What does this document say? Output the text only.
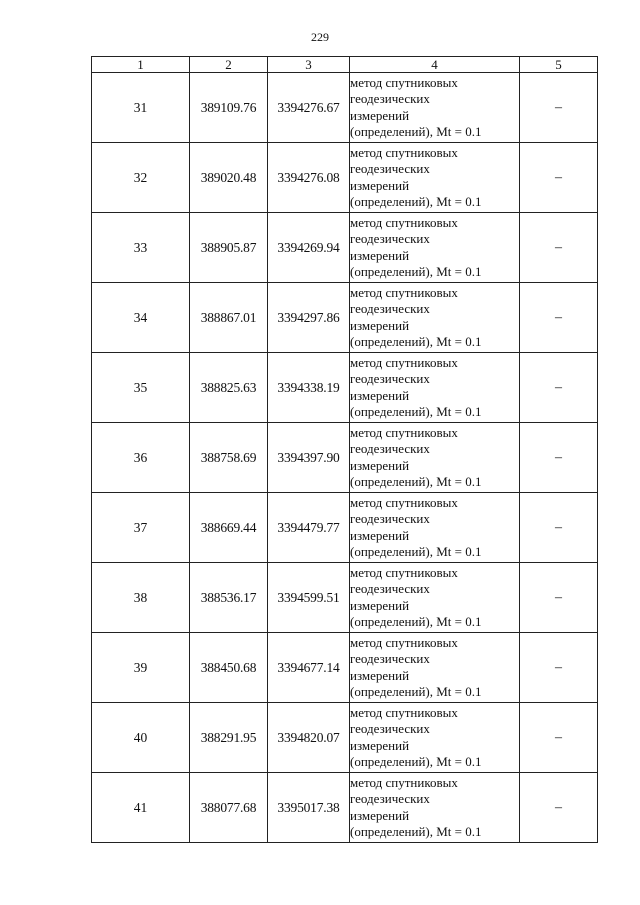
229
1	2	3	4	5
31	389109.76	3394276.67	метод спутниковых
геодезических
измерений
(определений), Mt = 0.1	–
32	389020.48	3394276.08	метод спутниковых
геодезических
измерений
(определений), Mt = 0.1	–
33	388905.87	3394269.94	метод спутниковых
геодезических
измерений
(определений), Mt = 0.1	–
34	388867.01	3394297.86	метод спутниковых
геодезических
измерений
(определений), Mt = 0.1	–
35	388825.63	3394338.19	метод спутниковых
геодезических
измерений
(определений), Mt = 0.1	–
36	388758.69	3394397.90	метод спутниковых
геодезических
измерений
(определений), Mt = 0.1	–
37	388669.44	3394479.77	метод спутниковых
геодезических
измерений
(определений), Mt = 0.1	–
38	388536.17	3394599.51	метод спутниковых
геодезических
измерений
(определений), Mt = 0.1	–
39	388450.68	3394677.14	метод спутниковых
геодезических
измерений
(определений), Mt = 0.1	–
40	388291.95	3394820.07	метод спутниковых
геодезических
измерений
(определений), Mt = 0.1	–
41	388077.68	3395017.38	метод спутниковых
геодезических
измерений
(определений), Mt = 0.1	–
